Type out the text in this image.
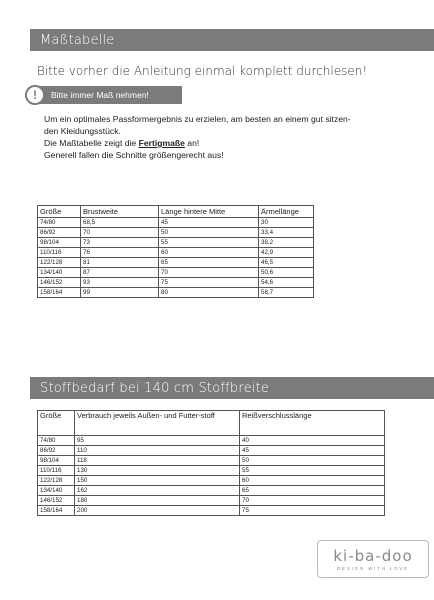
Maßtabelle
Bitte vorher die Anleitung einmal komplett durchlesen!
!	Bitte immer Maß nehmen!
Um ein optimales Passformergebnis zu erzielen, am besten an einem gut sitzen-
den Kleidungsstück.
Die Maßtabelle zeigt die Fertigmaße an!
Generell fallen die Schnitte größengerecht aus!
Größe	Brustweite	Länge hintere Mitte	Ärmellänge
74/80	68,5	45	30
86/92	70	50	33,4
98/104	73	55	38,2
110/116	76	60	42,9
122/128	81	65	46,5
134/140	87	70	50,6
146/152	93	75	54,6
158/164	99	80	58,7
Stoffbedarf bei 140 cm Stoffbreite
Größe	Verbrauch jeweils Außen- und Futter-stoff	Reißverschlusslänge
74/80	95	40
86/92	110	45
98/104	118	50
110/116	130	55
122/128	150	60
134/140	162	65
146/152	180	70
158/164	200	75
ki-ba-doo
DESIGN WITH LOVE
